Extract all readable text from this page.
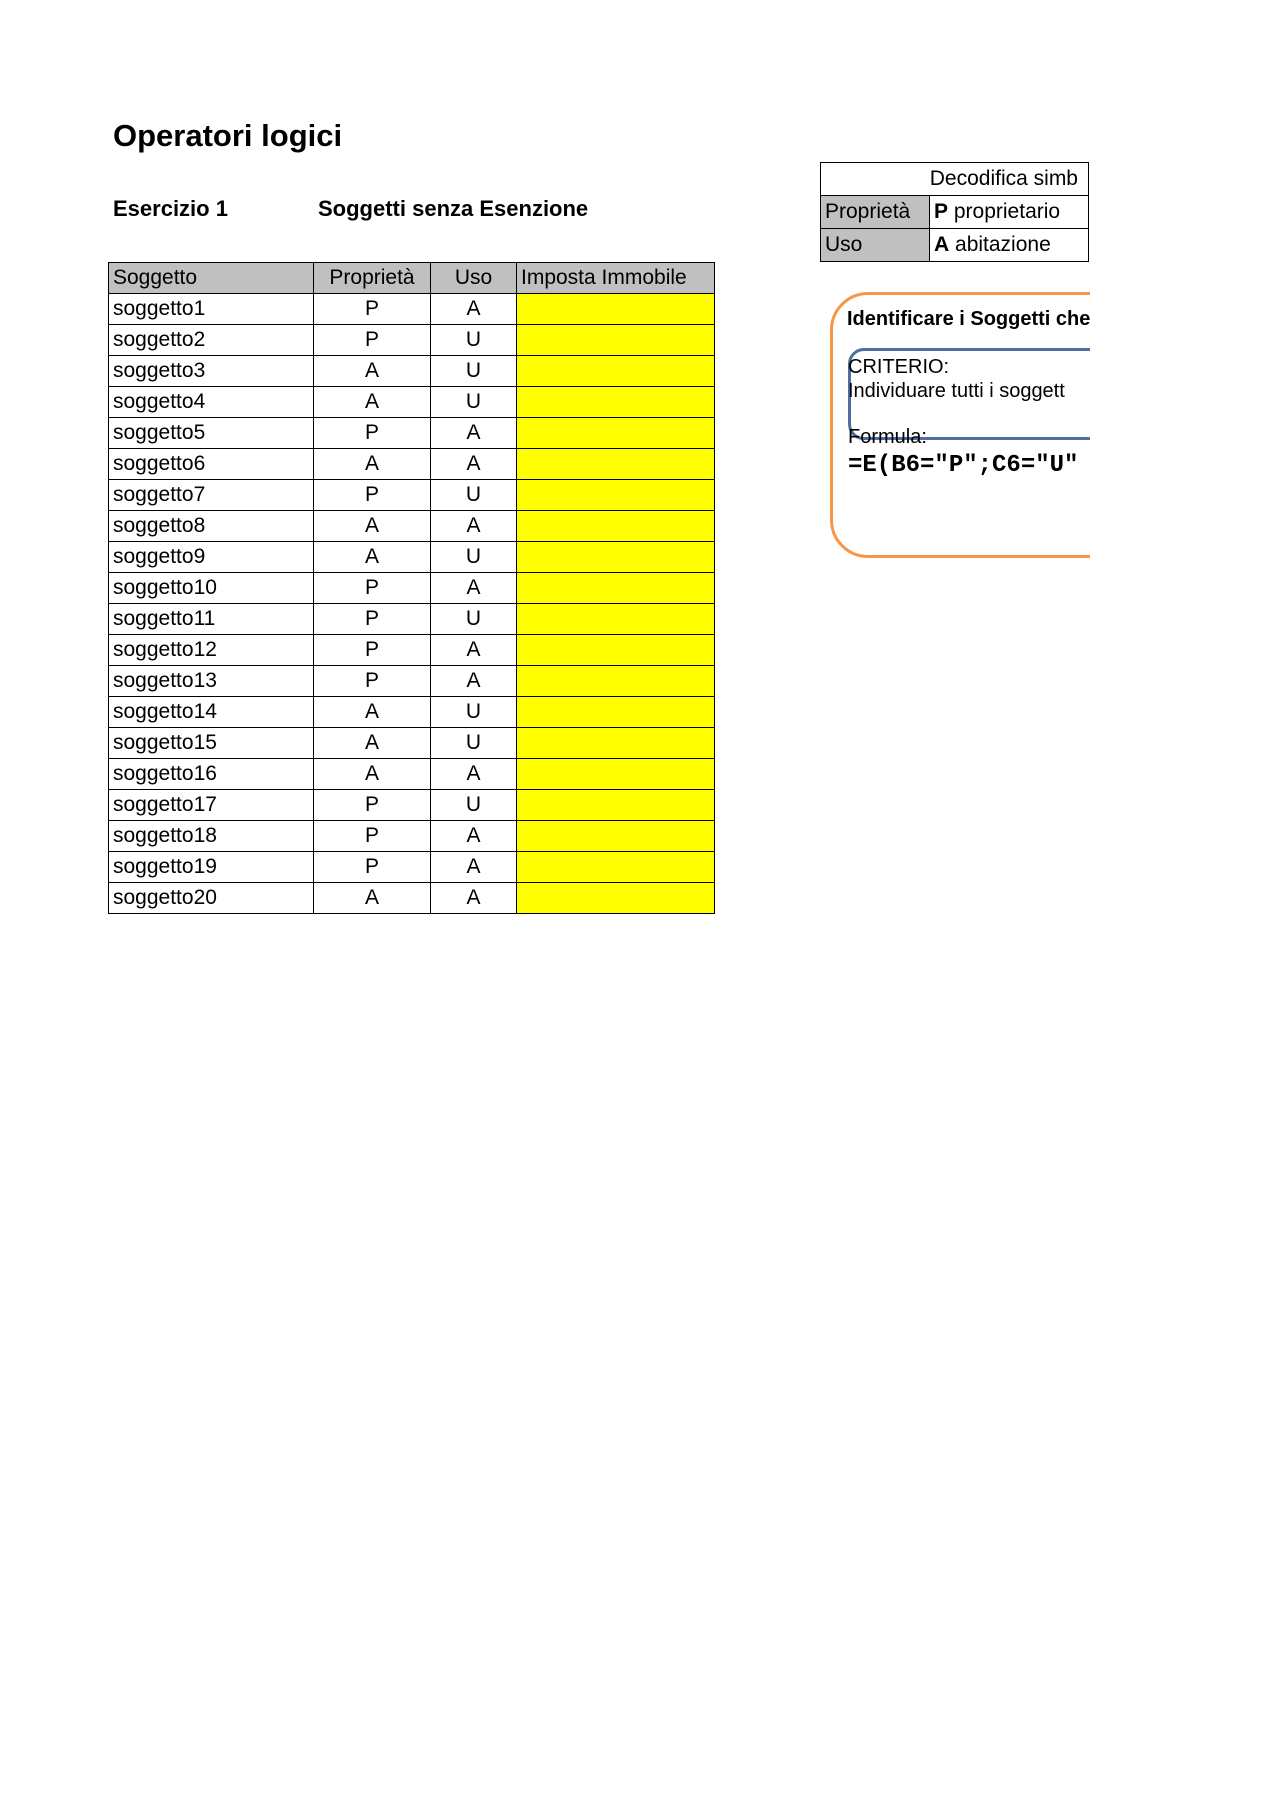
Operatori logici
Esercizio 1	Soggetti senza Esenzione
Soggetto	Proprietà	Uso	Imposta Immobile
soggetto1	P	A	
soggetto2	P	U	
soggetto3	A	U	
soggetto4	A	U	
soggetto5	P	A	
soggetto6	A	A	
soggetto7	P	U	
soggetto8	A	A	
soggetto9	A	U	
soggetto10	P	A	
soggetto11	P	U	
soggetto12	P	A	
soggetto13	P	A	
soggetto14	A	U	
soggetto15	A	U	
soggetto16	A	A	
soggetto17	P	U	
soggetto18	P	A	
soggetto19	P	A	
soggetto20	A	A	
Decodifica simb	
Proprietà	P proprietario
Uso	A abitazione
Identificare i Soggetti che
CRITERIO:
Individuare tutti i soggett
Formula:
=E(B6="P";C6="U"
